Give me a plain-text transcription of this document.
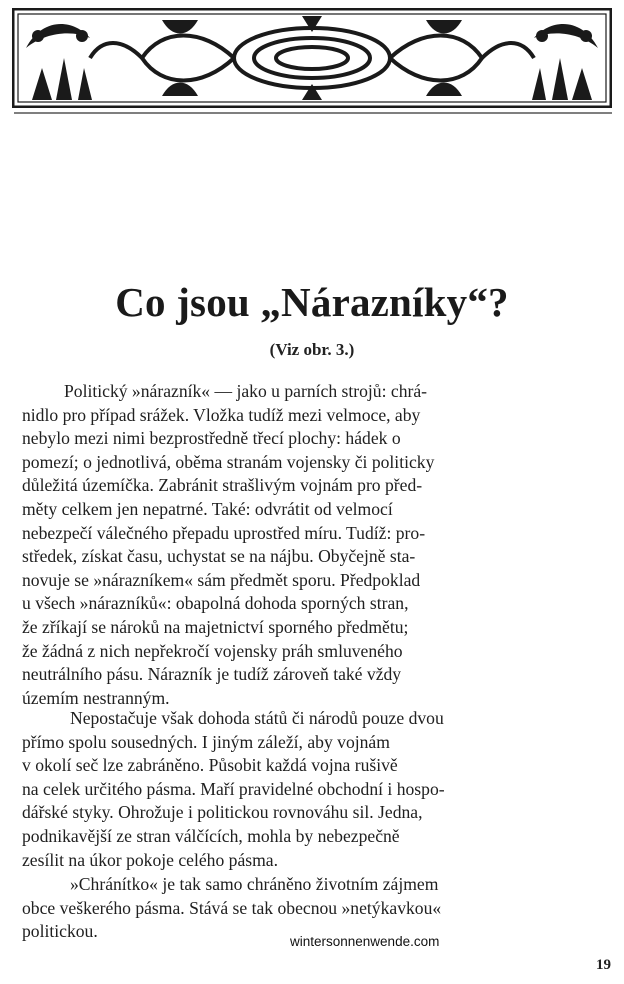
Co jsou „Nárazníky“?
(Viz obr. 3.)
Politický »nárazník« — jako u parních strojů: chrá-
nidlo pro případ srážek. Vložka tudíž mezi velmoce, aby
nebylo mezi nimi bezprostředně třecí plochy: hádek o
pomezí; o jednotlivá, oběma stranám vojensky či politicky
důležitá územíčka. Zabránit strašlivým vojnám pro před-
měty celkem jen nepatrné. Také: odvrátit od velmocí
nebezpečí válečného přepadu uprostřed míru. Tudíž: pro-
středek, získat času, uchystat se na nájbu. Obyčejně sta-
novuje se »nárazníkem« sám předmět sporu. Předpoklad
u všech »nárazníků«: obapolná dohoda sporných stran,
že zříkají se nároků na majetnictví sporného předmětu;
že žádná z nich nepřekročí vojensky práh smluveného
neutrálního pásu. Nárazník je tudíž zároveň také vždy
územím nestranným.
Nepostačuje však dohoda států či národů pouze dvou
přímo spolu sousedných. I jiným záleží, aby vojnám
v okolí seč lze zabráněno. Působit každá vojna rušivě
na celek určitého pásma. Maří pravidelné obchodní i hospo-
dářské styky. Ohrožuje i politickou rovnováhu sil. Jedna,
podnikavější ze stran válčících, mohla by nebezpečně
zesílit na úkor pokoje celého pásma.
»Chránítko« je tak samo chráněno životním zájmem
obce veškerého pásma. Stává se tak obecnou »netýkavkou«
politickou.
wintersonnenwende.com
19
